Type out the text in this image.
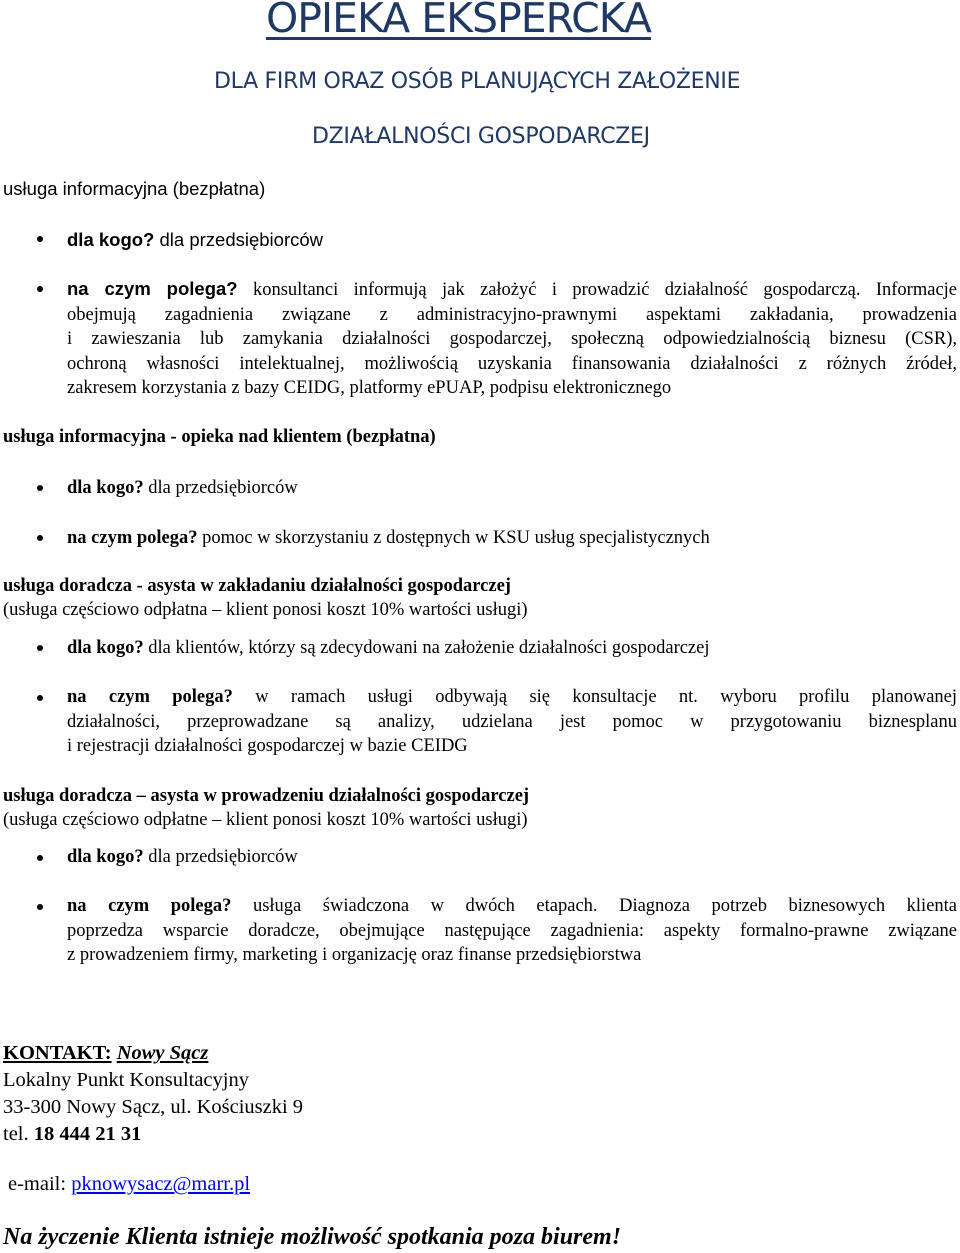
OPIEKA EKSPERCKA
DLA FIRM ORAZ OSÓB PLANUJĄCYCH ZAŁOŻENIE
DZIAŁALNOŚCI GOSPODARCZEJ
usługa informacyjna (bezpłatna)
dla kogo? dla przedsiębiorców
na czym polega? konsultanci informują jak założyć i prowadzić działalność gospodarczą. Informacje
obejmują zagadnienia związane z administracyjno-prawnymi aspektami zakładania, prowadzenia
i zawieszania lub zamykania działalności gospodarczej, społeczną odpowiedzialnością biznesu (CSR),
ochroną własności intelektualnej, możliwością uzyskania finansowania działalności z różnych źródeł,
zakresem korzystania z bazy CEIDG, platformy ePUAP, podpisu elektronicznego
usługa informacyjna - opieka nad klientem (bezpłatna)
dla kogo? dla przedsiębiorców
na czym polega? pomoc w skorzystaniu z dostępnych w KSU usług specjalistycznych
usługa doradcza - asysta w zakładaniu działalności gospodarczej
(usługa częściowo odpłatna – klient ponosi koszt 10% wartości usługi)
dla kogo? dla klientów, którzy są zdecydowani na założenie działalności gospodarczej
na czym polega? w ramach usługi odbywają się konsultacje nt. wyboru profilu planowanej
działalności, przeprowadzane są analizy, udzielana jest pomoc w przygotowaniu biznesplanu
i rejestracji działalności gospodarczej w bazie CEIDG
usługa doradcza – asysta w prowadzeniu działalności gospodarczej
(usługa częściowo odpłatne – klient ponosi koszt 10% wartości usługi)
dla kogo? dla przedsiębiorców
na czym polega? usługa świadczona w dwóch etapach. Diagnoza potrzeb biznesowych klienta
poprzedza wsparcie doradcze, obejmujące następujące zagadnienia: aspekty formalno-prawne związane
z prowadzeniem firmy, marketing i organizację oraz finanse przedsiębiorstwa
KONTAKT: Nowy Sącz
Lokalny Punkt Konsultacyjny
33-300 Nowy Sącz, ul. Kościuszki 9
tel. 18 444 21 31
e-mail: pknowysacz@marr.pl
Na życzenie Klienta istnieje możliwość spotkania poza biurem!
